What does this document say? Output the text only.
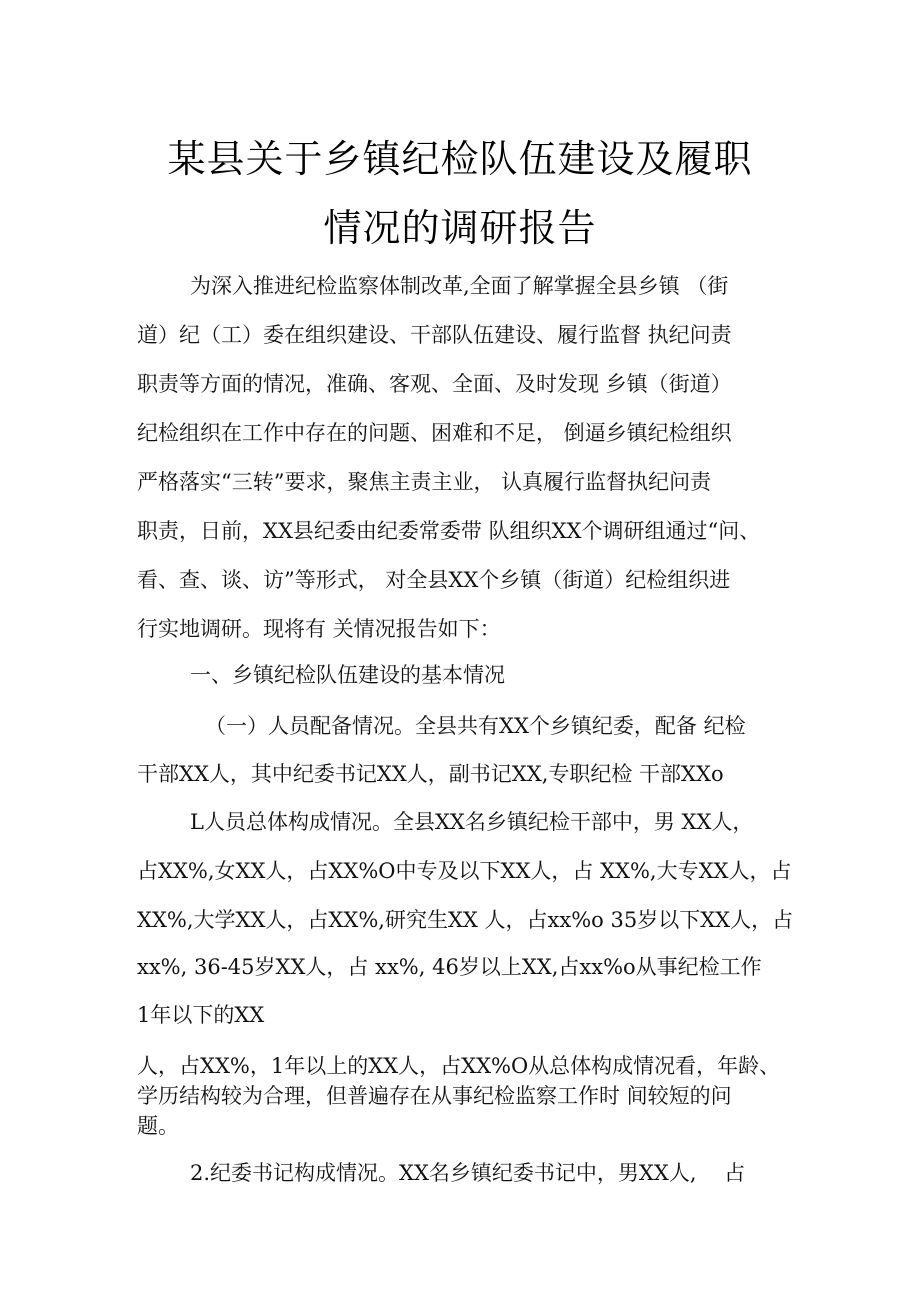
某县关于乡镇纪检队伍建设及履职
情况的调研报告
为深入推进纪检监察体制改革,全面了解掌握全县乡镇 （街
道）纪（工）委在组织建设、干部队伍建设、履行监督 执纪问责
职责等方面的情况，准确、客观、全面、及时发现 乡镇（街道）
纪检组织在工作中存在的问题、困难和不足， 倒逼乡镇纪检组织
严格落实“三转”要求，聚焦主责主业， 认真履行监督执纪问责
职责，日前，XX县纪委由纪委常委带 队组织XX个调研组通过“问、
看、查、谈、访”等形式， 对全县XX个乡镇（街道）纪检组织进
行实地调研。现将有 关情况报告如下：
一、乡镇纪检队伍建设的基本情况
（一）人员配备情况。全县共有XX个乡镇纪委，配备 纪检
干部XX人，其中纪委书记XX人，副书记XX,专职纪检 干部XXo
L人员总体构成情况。全县XX名乡镇纪检干部中，男 XX人，
占XX%,女XX人，占XX%O中专及以下XX人，占 XX%,大专XX人，占
XX%,大学XX人，占XX%,研究生XX 人，占xx%o 35岁以下XX人，占
xx%, 36-45岁XX人，占 xx%, 46岁以上XX,占xx%o从事纪检工作
1年以下的XX
人，占XX%，1年以上的XX人，占XX%O从总体构成情况看，年龄、
学历结构较为合理，但普遍存在从事纪检监察工作时 间较短的问
题。
2.纪委书记构成情况。XX名乡镇纪委书记中，男XX人,　 占
